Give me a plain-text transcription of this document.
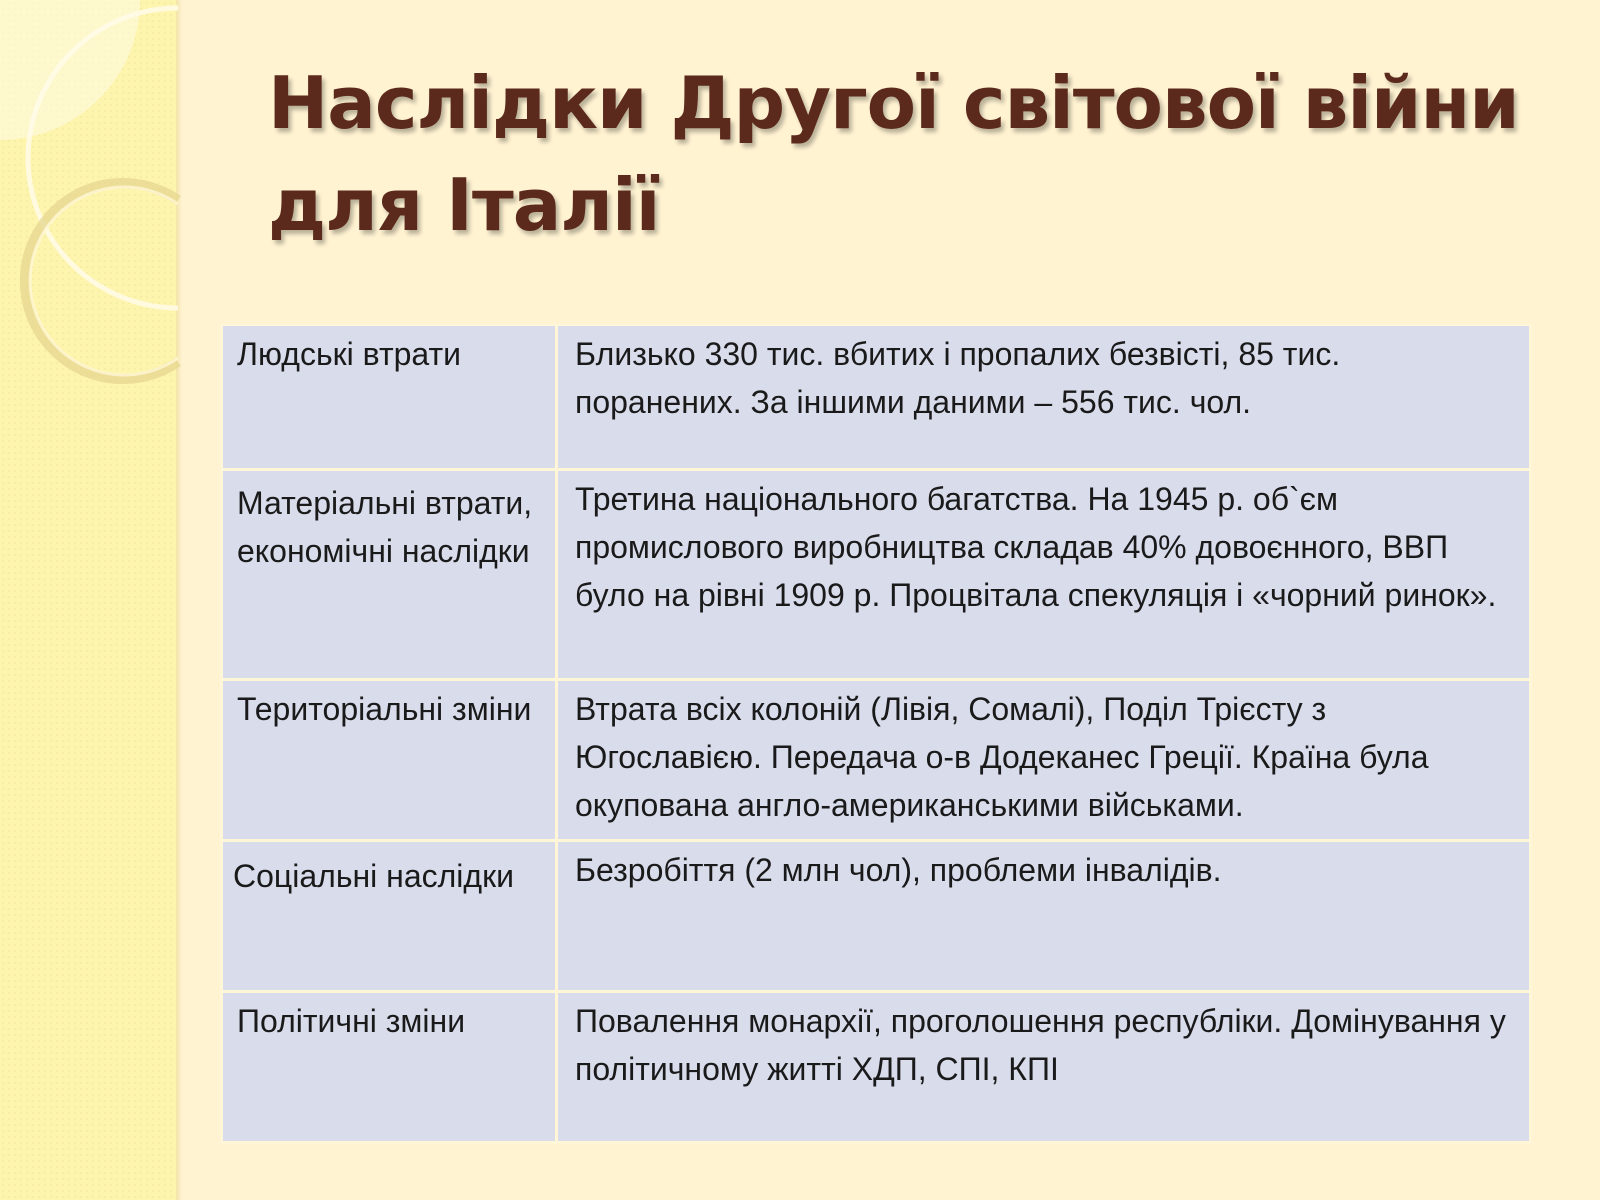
Наслідки Другої світової війни для Італії
Людські втрати	Близько 330 тис. вбитих і пропалих безвісті, 85 тис. поранених. За іншими даними – 556 тис. чол.
Матеріальні втрати, економічні наслідки	Третина національного багатства. На 1945 р. об`єм промислового виробництва складав 40% довоєнного, ВВП було на рівні 1909 р. Процвітала спекуляція і «чорний ринок».
Територіальні зміни	Втрата всіх колоній (Лівія, Сомалі), Поділ Трієсту з Югославією. Передача о-в Додеканес Греції. Країна була окупована англо-американськими військами.
Соціальні наслідки	Безробіття (2 млн чол), проблеми інвалідів.
Політичні зміни	Повалення монархії, проголошення республіки. Домінування у політичному житті ХДП, СПІ, КПІ
